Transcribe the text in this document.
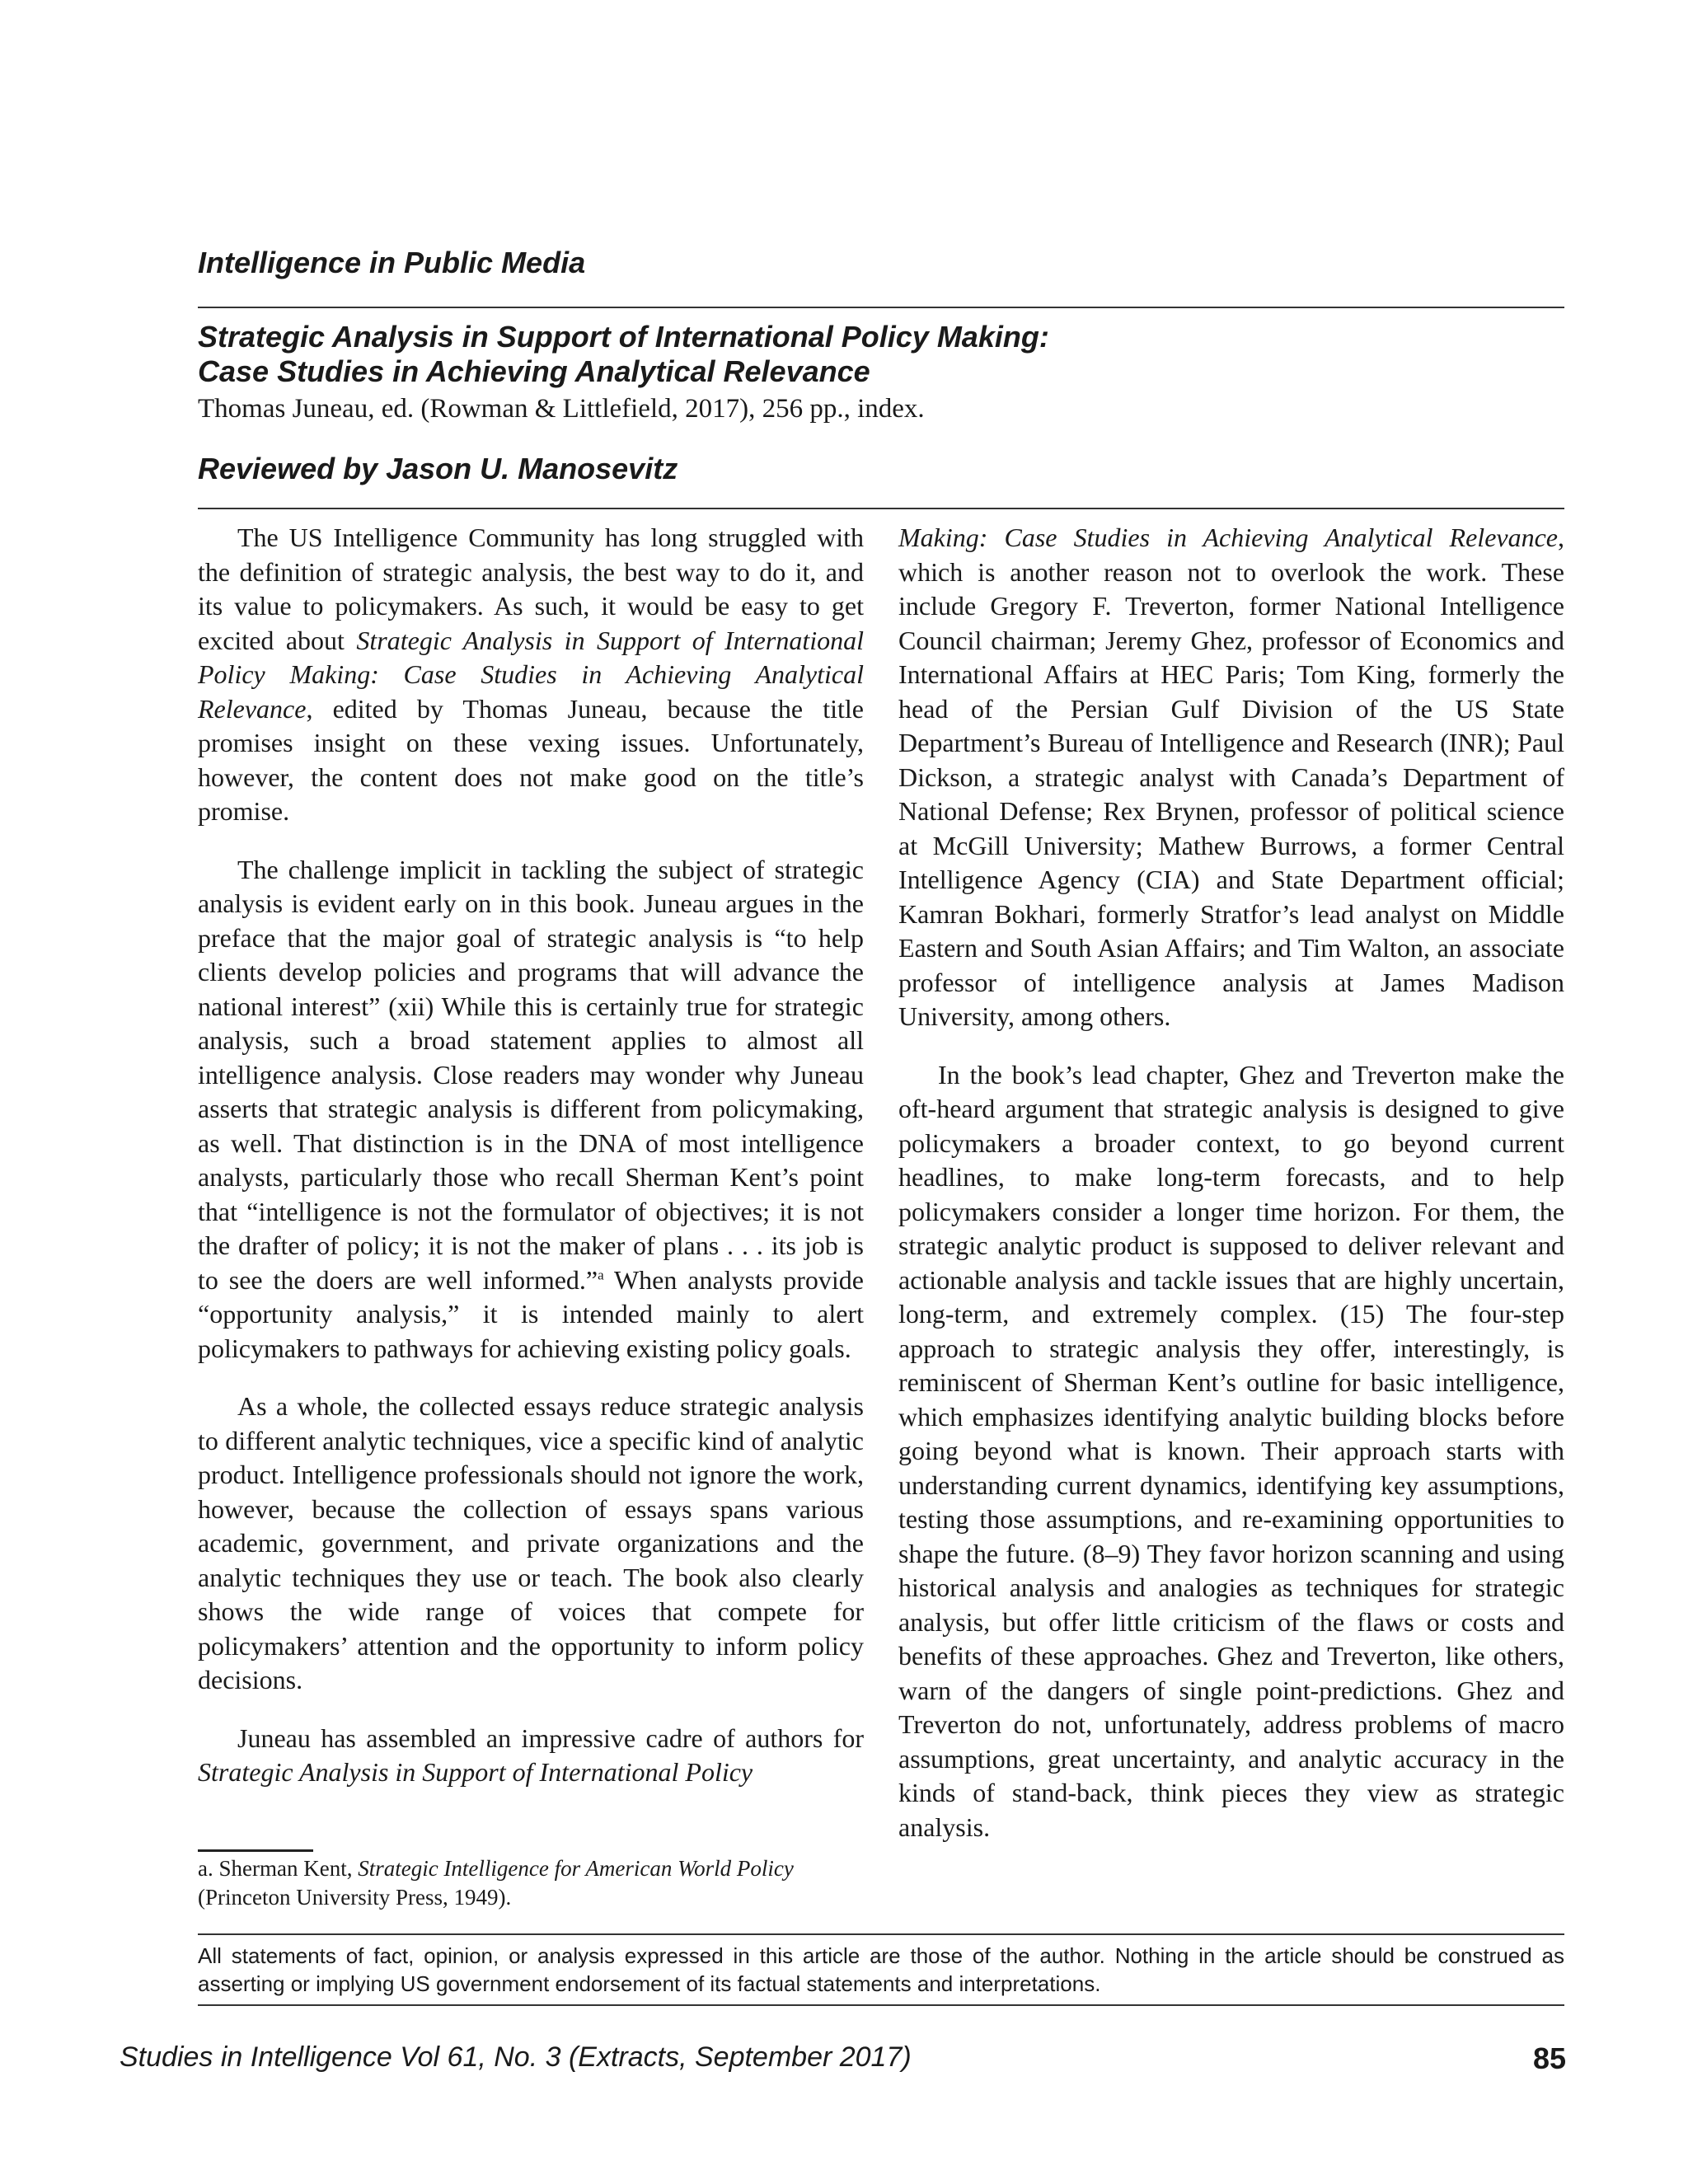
Intelligence in Public Media
Strategic Analysis in Support of International Policy Making:
Case Studies in Achieving Analytical Relevance
Thomas Juneau, ed. (Rowman & Littlefield, 2017), 256 pp., index.
Reviewed by Jason U. Manosevitz

The US Intelligence Community has long struggled with the definition of strategic analysis, the best way to do it, and its value to policymakers. As such, it would be easy to get excited about Strategic Analysis in Support of International Policy Making: Case Studies in Achieving Analytical Relevance, edited by Thomas Juneau, because the title promises insight on these vexing issues. Unfortunately, however, the content does not make good on the title’s promise.

The challenge implicit in tackling the subject of strategic analysis is evident early on in this book. Juneau argues in the preface that the major goal of strategic analysis is “to help clients develop policies and programs that will advance the national interest” (xii) While this is certainly true for strategic analysis, such a broad statement applies to almost all intelligence analysis. Close readers may wonder why Juneau asserts that strategic analysis is different from policymaking, as well. That distinction is in the DNA of most intelligence analysts, particularly those who recall Sherman Kent’s point that “intelligence is not the formulator of objectives; it is not the drafter of policy; it is not the maker of plans . . . its job is to see the doers are well informed.”$^a$ When analysts provide “opportunity analysis,” it is intended mainly to alert policymakers to pathways for achieving existing policy goals.

As a whole, the collected essays reduce strategic analysis to different analytic techniques, vice a specific kind of analytic product. Intelligence professionals should not ignore the work, however, because the collection of essays spans various academic, government, and private organizations and the analytic techniques they use or teach. The book also clearly shows the wide range of voices that compete for policymakers’ attention and the opportunity to inform policy decisions.

Juneau has assembled an impressive cadre of authors for Strategic Analysis in Support of International Policy

Making: Case Studies in Achieving Analytical Relevance, which is another reason not to overlook the work. These include Gregory F. Treverton, former National Intelligence Council chairman; Jeremy Ghez, professor of Economics and International Affairs at HEC Paris; Tom King, formerly the head of the Persian Gulf Division of the US State Department’s Bureau of Intelligence and Research (INR); Paul Dickson, a strategic analyst with Canada’s Department of National Defense; Rex Brynen, professor of political science at McGill University; Mathew Burrows, a former Central Intelligence Agency (CIA) and State Department official; Kamran Bokhari, formerly Stratfor’s lead analyst on Middle Eastern and South Asian Affairs; and Tim Walton, an associate professor of intelligence analysis at James Madison University, among others.

In the book’s lead chapter, Ghez and Treverton make the oft-heard argument that strategic analysis is designed to give policymakers a broader context, to go beyond current headlines, to make long-term forecasts, and to help policymakers consider a longer time horizon. For them, the strategic analytic product is supposed to deliver relevant and actionable analysis and tackle issues that are highly uncertain, long-term, and extremely complex. (15) The four-step approach to strategic analysis they offer, interestingly, is reminiscent of Sherman Kent’s outline for basic intelligence, which emphasizes identifying analytic building blocks before going beyond what is known. Their approach starts with understanding current dynamics, identifying key assumptions, testing those assumptions, and re-examining opportunities to shape the future. (8–9) They favor horizon scanning and using historical analysis and analogies as techniques for strategic analysis, but offer little criticism of the flaws or costs and benefits of these approaches. Ghez and Treverton, like others, warn of the dangers of single point-predictions. Ghez and Treverton do not, unfortunately, address problems of macro assumptions, great uncertainty, and analytic accuracy in the kinds of stand-back, think pieces they view as strategic analysis.

a. Sherman Kent, Strategic Intelligence for American World Policy (Princeton University Press, 1949).
All statements of fact, opinion, or analysis expressed in this article are those of the author. Nothing in the article should be construed as asserting or implying US government endorsement of its factual statements and interpretations.
Studies in Intelligence Vol 61, No. 3 (Extracts, September 2017)	85
